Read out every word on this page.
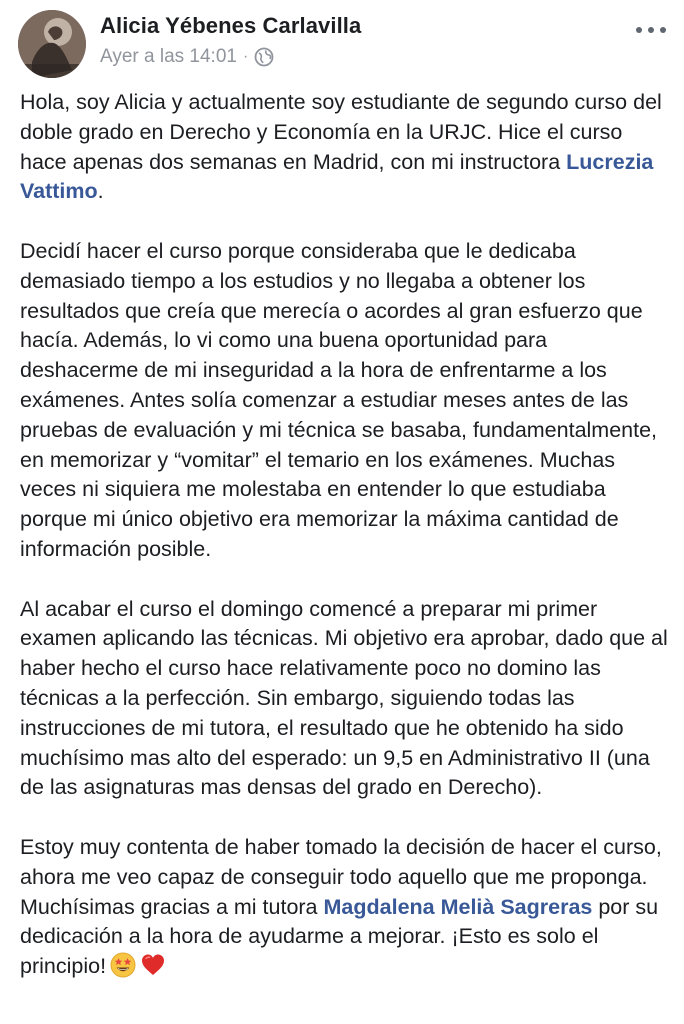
Alicia Yébenes Carlavilla
Ayer a las 14:01 ·

Hola, soy Alicia y actualmente soy estudiante de segundo curso del doble grado en Derecho y Economía en la URJC. Hice el curso hace apenas dos semanas en Madrid, con mi instructora Lucrezia Vattimo.

Decidí hacer el curso porque consideraba que le dedicaba demasiado tiempo a los estudios y no llegaba a obtener los resultados que creía que merecía o acordes al gran esfuerzo que hacía. Además, lo vi como una buena oportunidad para deshacerme de mi inseguridad a la hora de enfrentarme a los exámenes. Antes solía comenzar a estudiar meses antes de las pruebas de evaluación y mi técnica se basaba, fundamentalmente, en memorizar y “vomitar” el temario en los exámenes. Muchas veces ni siquiera me molestaba en entender lo que estudiaba porque mi único objetivo era memorizar la máxima cantidad de información posible.

Al acabar el curso el domingo comencé a preparar mi primer examen aplicando las técnicas. Mi objetivo era aprobar, dado que al haber hecho el curso hace relativamente poco no domino las técnicas a la perfección. Sin embargo, siguiendo todas las instrucciones de mi tutora, el resultado que he obtenido ha sido muchísimo mas alto del esperado: un 9,5 en Administrativo II (una de las asignaturas mas densas del grado en Derecho).

Estoy muy contenta de haber tomado la decisión de hacer el curso, ahora me veo capaz de conseguir todo aquello que me proponga. Muchísimas gracias a mi tutora Magdalena Melià Sagreras por su dedicación a la hora de ayudarme a mejorar. ¡Esto es solo el principio!
